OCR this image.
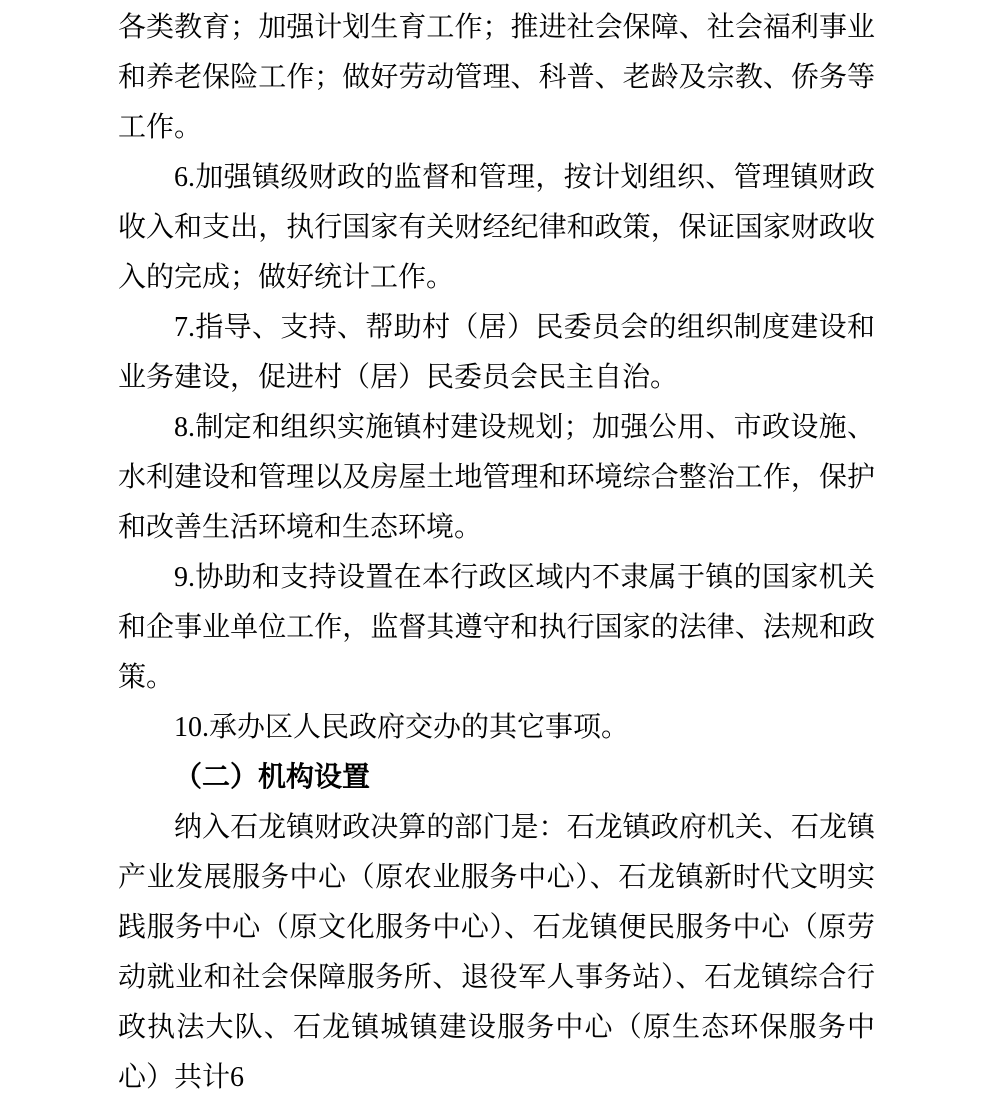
各类教育；加强计划生育工作；推进社会保障、社会福利事业和养老保险工作；做好劳动管理、科普、老龄及宗教、侨务等工作。

6.加强镇级财政的监督和管理，按计划组织、管理镇财政收入和支出，执行国家有关财经纪律和政策，保证国家财政收入的完成；做好统计工作。

7.指导、支持、帮助村（居）民委员会的组织制度建设和业务建设，促进村（居）民委员会民主自治。

8.制定和组织实施镇村建设规划；加强公用、市政设施、水利建设和管理以及房屋土地管理和环境综合整治工作，保护和改善生活环境和生态环境。

9.协助和支持设置在本行政区域内不隶属于镇的国家机关和企事业单位工作，监督其遵守和执行国家的法律、法规和政策。

10.承办区人民政府交办的其它事项。

（二）机构设置

纳入石龙镇财政决算的部门是：石龙镇政府机关、石龙镇产业发展服务中心（原农业服务中心）、石龙镇新时代文明实践服务中心（原文化服务中心）、石龙镇便民服务中心（原劳动就业和社会保障服务所、退役军人事务站）、石龙镇综合行政执法大队、石龙镇城镇建设服务中心（原生态环保服务中心）共计6
